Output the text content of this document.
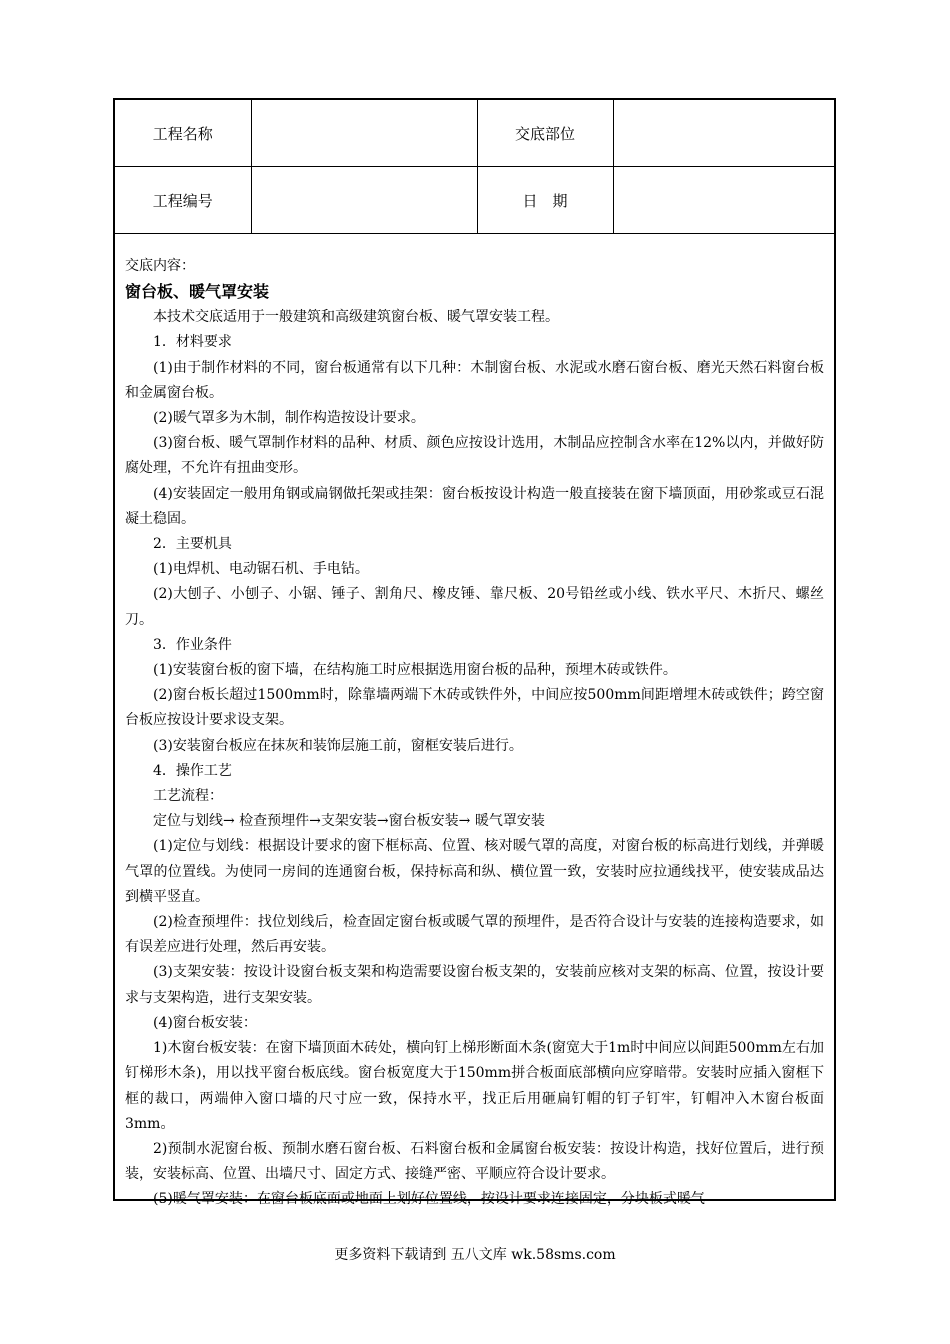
工程名称		交底部位	
工程编号		日　期	

交底内容：

窗台板、暖气罩安装

本技术交底适用于一般建筑和高级建筑窗台板、暖气罩安装工程。

1．材料要求

(1)由于制作材料的不同，窗台板通常有以下几种：木制窗台板、水泥或水磨石窗台板、磨光天然石料窗台板和金属窗台板。

(2)暖气罩多为木制，制作构造按设计要求。

(3)窗台板、暖气罩制作材料的品种、材质、颜色应按设计选用，木制品应控制含水率在12%以内，并做好防腐处理，不允许有扭曲变形。

(4)安装固定一般用角钢或扁钢做托架或挂架：窗台板按设计构造一般直接装在窗下墙顶面，用砂浆或豆石混凝土稳固。

2．主要机具

(1)电焊机、电动锯石机、手电钻。

(2)大刨子、小刨子、小锯、锤子、割角尺、橡皮锤、靠尺板、20号铅丝或小线、铁水平尺、木折尺、螺丝刀。

3．作业条件

(1)安装窗台板的窗下墙，在结构施工时应根据选用窗台板的品种，预埋木砖或铁件。

(2)窗台板长超过1500mm时，除靠墙两端下木砖或铁件外，中间应按500mm间距增埋木砖或铁件；跨空窗台板应按设计要求设支架。

(3)安装窗台板应在抹灰和装饰层施工前，窗框安装后进行。

4．操作工艺

工艺流程：

定位与划线→ 检查预埋件→支架安装→窗台板安装→ 暖气罩安装

(1)定位与划线：根据设计要求的窗下框标高、位置、核对暖气罩的高度，对窗台板的标高进行划线，并弹暖气罩的位置线。为使同一房间的连通窗台板，保持标高和纵、横位置一致，安装时应拉通线找平，使安装成品达到横平竖直。

(2)检查预埋件：找位划线后，检查固定窗台板或暖气罩的预埋件，是否符合设计与安装的连接构造要求，如有误差应进行处理，然后再安装。

(3)支架安装：按设计设窗台板支架和构造需要设窗台板支架的，安装前应核对支架的标高、位置，按设计要求与支架构造，进行支架安装。

(4)窗台板安装：

1)木窗台板安装：在窗下墙顶面木砖处，横向钉上梯形断面木条(窗宽大于1m时中间应以间距500mm左右加钉梯形木条)，用以找平窗台板底线。窗台板宽度大于150mm拼合板面底部横向应穿暗带。安装时应插入窗框下框的裁口，两端伸入窗口墙的尺寸应一致，保持水平，找正后用砸扁钉帽的钉子钉牢，钉帽冲入木窗台板面3mm。

2)预制水泥窗台板、预制水磨石窗台板、石料窗台板和金属窗台板安装：按设计构造，找好位置后，进行预装，安装标高、位置、出墙尺寸、固定方式、接缝严密、平顺应符合设计要求。

(5)暖气罩安装：在窗台板底面或地面上划好位置线，按设计要求连接固定，分块板式暖气

更多资料下载请到 五八文库 wk.58sms.com
